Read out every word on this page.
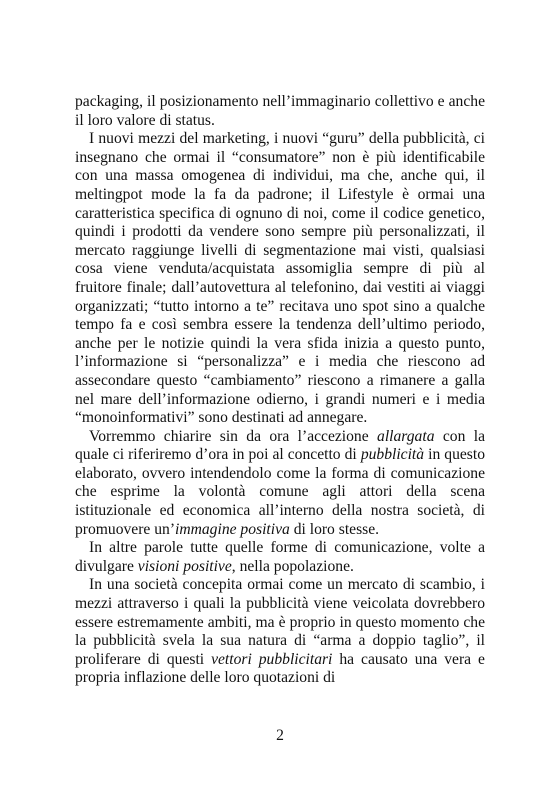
packaging, il posizionamento nell’immaginario collettivo e anche il loro valore di status.

I nuovi mezzi del marketing, i nuovi “guru” della pubblicità, ci insegnano che ormai il “consumatore” non è più identificabile con una massa omogenea di individui, ma che, anche qui, il meltingpot mode la fa da padrone; il Lifestyle è ormai una caratteristica specifica di ognuno di noi, come il codice genetico, quindi i prodotti da vendere sono sempre più personalizzati, il mercato raggiunge livelli di segmentazione mai visti, qualsiasi cosa viene venduta/acquistata assomiglia sempre di più al fruitore finale; dall’autovettura al telefonino, dai vestiti ai viaggi organizzati; “tutto intorno a te” recitava uno spot sino a qualche tempo fa e così sembra essere la tendenza dell’ultimo periodo, anche per le notizie quindi la vera sfida inizia a questo punto, l’informazione si “personalizza” e i media che riescono ad assecondare questo “cambiamento” riescono a rimanere a galla nel mare dell’informazione odierno, i grandi numeri e i media “monoinformativi” sono destinati ad annegare.

Vorremmo chiarire sin da ora l’accezione allargata con la quale ci riferiremo d’ora in poi al concetto di pubblicità in questo elaborato, ovvero intendendolo come la forma di comunicazione che esprime la volontà comune agli attori della scena istituzionale ed economica all’interno della nostra società, di promuovere un’immagine positiva di loro stesse.

In altre parole tutte quelle forme di comunicazione, volte a divulgare visioni positive, nella popolazione.

In una società concepita ormai come un mercato di scambio, i mezzi attraverso i quali la pubblicità viene veicolata dovrebbero essere estremamente ambiti, ma è proprio in questo momento che la pubblicità svela la sua natura di “arma a doppio taglio”, il proliferare di questi vettori pubblicitari ha causato una vera e propria inflazione delle loro quotazioni di

2
